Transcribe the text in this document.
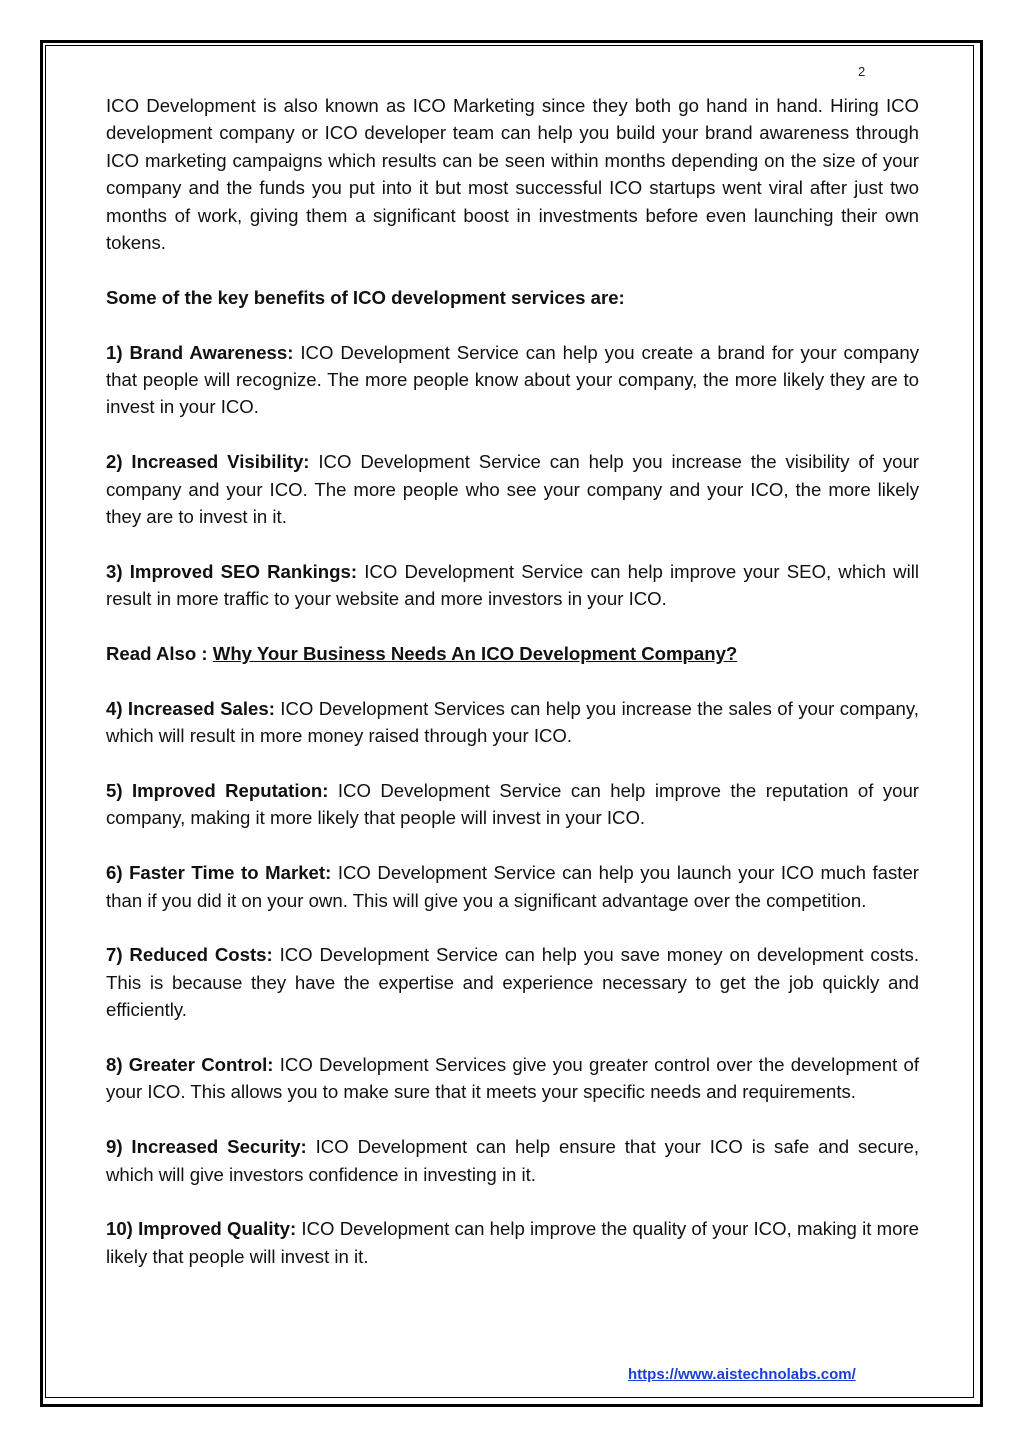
2

ICO Development is also known as ICO Marketing since they both go hand in hand. Hiring ICO development company or ICO developer team can help you build your brand awareness through ICO marketing campaigns which results can be seen within months depending on the size of your company and the funds you put into it but most successful ICO startups went viral after just two months of work, giving them a significant boost in investments before even launching their own tokens.

Some of the key benefits of ICO development services are:

1) Brand Awareness: ICO Development Service can help you create a brand for your company that people will recognize. The more people know about your company, the more likely they are to invest in your ICO.

2) Increased Visibility: ICO Development Service can help you increase the visibility of your company and your ICO. The more people who see your company and your ICO, the more likely they are to invest in it.

3) Improved SEO Rankings: ICO Development Service can help improve your SEO, which will result in more traffic to your website and more investors in your ICO.

Read Also : Why Your Business Needs An ICO Development Company?

4) Increased Sales: ICO Development Services can help you increase the sales of your company, which will result in more money raised through your ICO.

5) Improved Reputation: ICO Development Service can help improve the reputation of your company, making it more likely that people will invest in your ICO.

6) Faster Time to Market: ICO Development Service can help you launch your ICO much faster than if you did it on your own. This will give you a significant advantage over the competition.

7) Reduced Costs: ICO Development Service can help you save money on development costs. This is because they have the expertise and experience necessary to get the job quickly and efficiently.

8) Greater Control: ICO Development Services give you greater control over the development of your ICO. This allows you to make sure that it meets your specific needs and requirements.

9) Increased Security: ICO Development can help ensure that your ICO is safe and secure, which will give investors confidence in investing in it.

10) Improved Quality: ICO Development can help improve the quality of your ICO, making it more likely that people will invest in it.

https://www.aistechnolabs.com/
